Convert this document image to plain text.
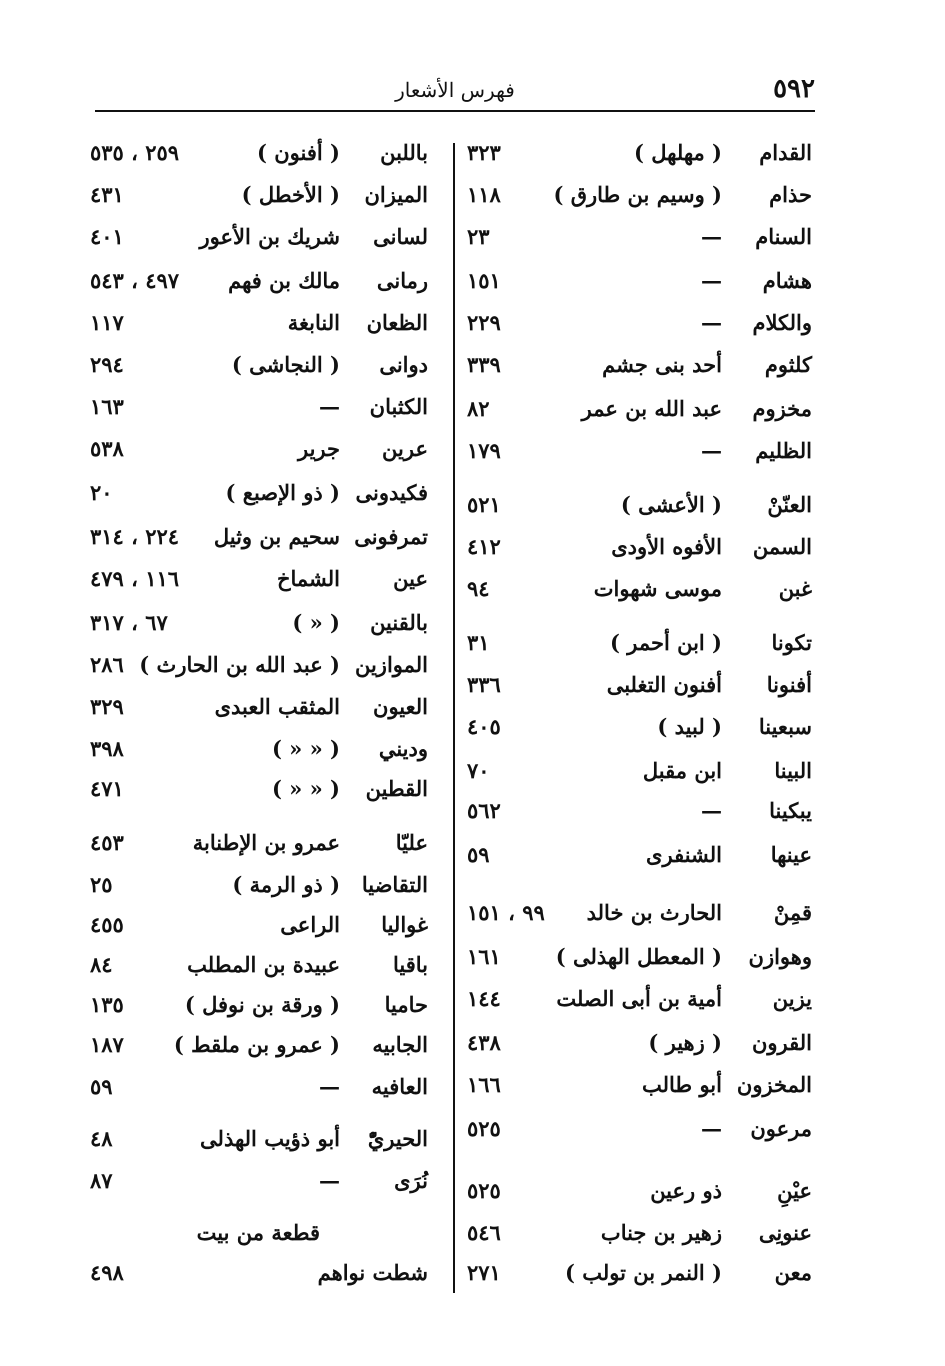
٥٩٢
فهرس الأشعار
القدام
( مهلهل )
٣٢٣
حذام
( وسيم بن طارق )
١١٨
السنام
—
٢٣
هشام
—
١٥١
والكلام
—
٢٢٩
كلثوم
أحد بنى جشم
٣٣٩
مخزوم
عبد الله بن عمر
٨٢
الظليم
—
١٧٩
العنّنْ
( الأعشى )
٥٢١
السمن
الأفوه الأودى
٤١٢
غبن
موسى شهوات
٩٤
تكونا
( ابن أحمر )
٣١
أفنونا
أفنون التغلبى
٣٣٦
سبعينا
( لبيد )
٤٠٥
البينا
ابن مقبل
٧٠
يبكينا
—
٥٦٢
عينها
الشنفرى
٥٩
قمِنْ
الحارث بن خالد
٩٩ ، ١٥١
وهوازن
( المعطل الهذلى )
١٦١
يزين
أمية بن أبى الصلت
١٤٤
القرون
( زهير )
٤٣٨
المخزون
أبو طالب
١٦٦
مرعون
—
٥٢٥
عيْنِ
ذو رعين
٥٢٥
عنونِى
زهير بن جناب
٥٤٦
معن
( النمر بن تولب )
٢٧١
باللبن
( أفنون )
٢٥٩ ، ٥٣٥
الميزان
( الأخطل )
٤٣١
لسانى
شريك بن الأعور
٤٠١
رمانى
مالك بن فهم
٤٩٧ ، ٥٤٣
الظعان
النابغة
١١٧
دوانى
( النجاشى )
٢٩٤
الكثبان
—
١٦٣
عرين
جرير
٥٣٨
فكيدونى
( ذو الإصبع )
٢٠
تمرفونى
سحيم بن وثيل
٢٢٤ ، ٣١٤
عين
الشماخ
١١٦ ، ٤٧٩
بالقنين
( « )
٦٧ ، ٣١٧
الموازين
( عبد الله بن الحارث )
٢٨٦
العيون
المثقب العبدى
٣٢٩
وديني
( « « )
٣٩٨
القطين
( « « )
٤٧١
عليّا
عمرو بن الإطنابة
٤٥٣
التقاضيا
( ذو الرمة )
٢٥
غواليا
الراعى
٤٥٥
باقيا
عبيدة بن المطلب
٨٤
حاميا
( ورقة بن نوفل )
١٣٥
الجابيه
( عمرو بن ملقط )
١٨٧
العافيه
—
٥٩
الحيريّْ
أبو ذؤيب الهذلى
٤٨
نُرَى
—
٨٧
قطعة من بيت
شطت نواهم
٤٩٨
